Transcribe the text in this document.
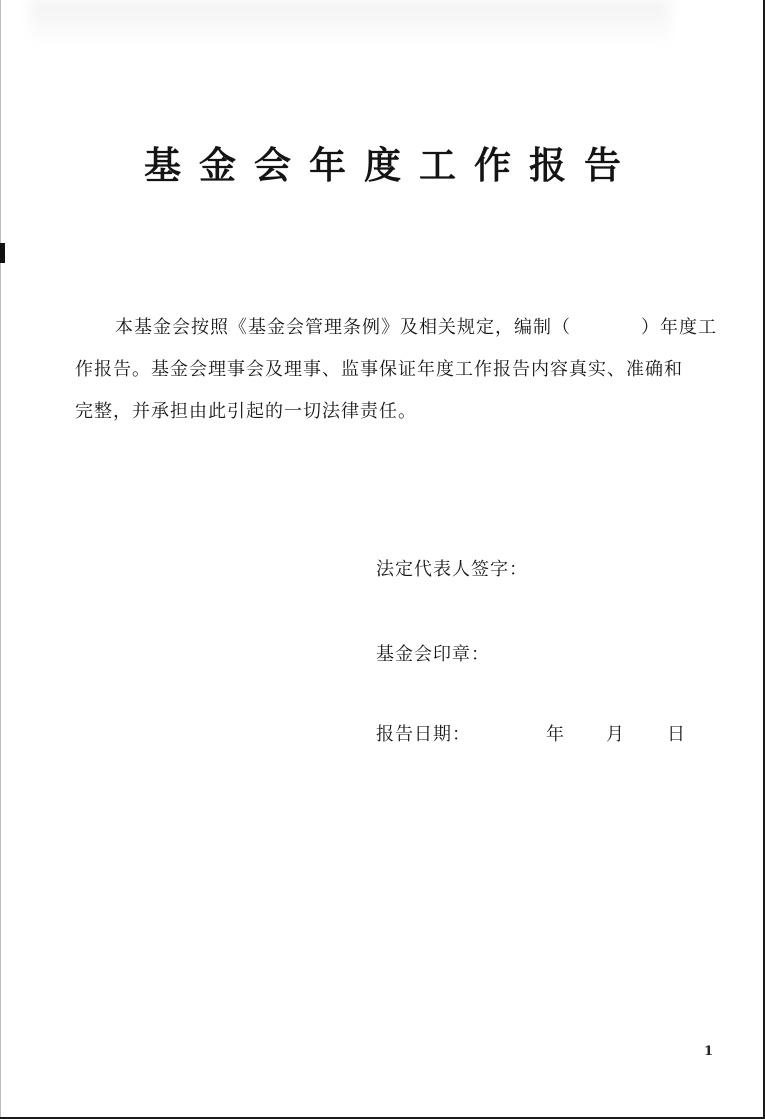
基金会年度工作报告
本基金会按照《基金会管理条例》及相关规定，编制（	）年度工
作报告。基金会理事会及理事、监事保证年度工作报告内容真实、准确和
完整，并承担由此引起的一切法律责任。
法定代表人签字：
基金会印章：
报告日期：	年 月 日
1
